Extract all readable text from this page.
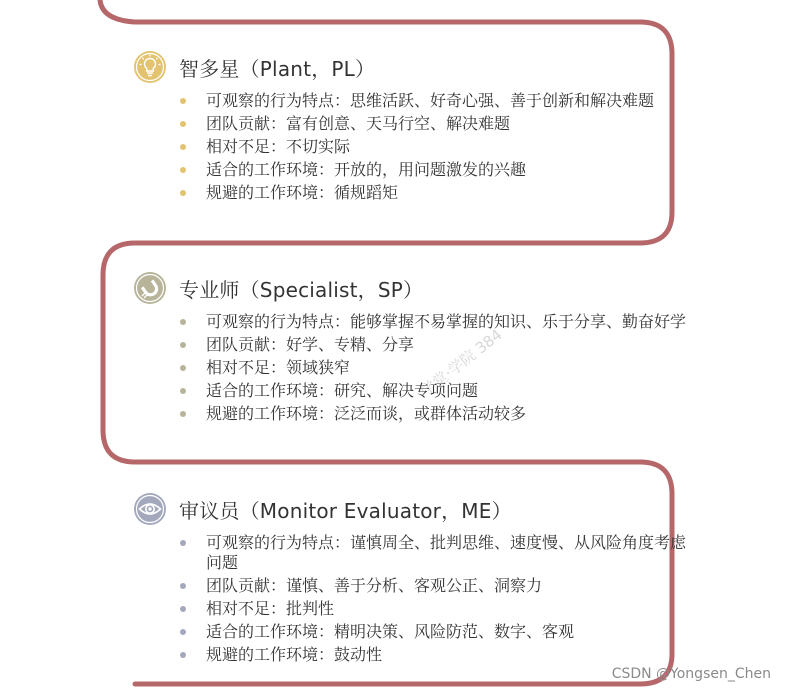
智多星（Plant，PL）
可观察的行为特点：思维活跃、好奇心强、善于创新和解决难题
团队贡献：富有创意、天马行空、解决难题
相对不足：不切实际
适合的工作环境：开放的，用问题激发的兴趣
规避的工作环境：循规蹈矩
专业师（Specialist，SP）
可观察的行为特点：能够掌握不易掌握的知识、乐于分享、勤奋好学
团队贡献：好学、专精、分享
相对不足：领域狭窄
适合的工作环境：研究、解决专项问题
规避的工作环境：泛泛而谈，或群体活动较多
审议员（Monitor Evaluator，ME）
可观察的行为特点：谨慎周全、批判思维、速度慢、从风险角度考虑问题
团队贡献：谨慎、善于分析、客观公正、洞察力
相对不足：批判性
适合的工作环境：精明决策、风险防范、数字、客观
规避的工作环境：鼓动性
学堂·学院 384
CSDN @Yongsen_Chen
